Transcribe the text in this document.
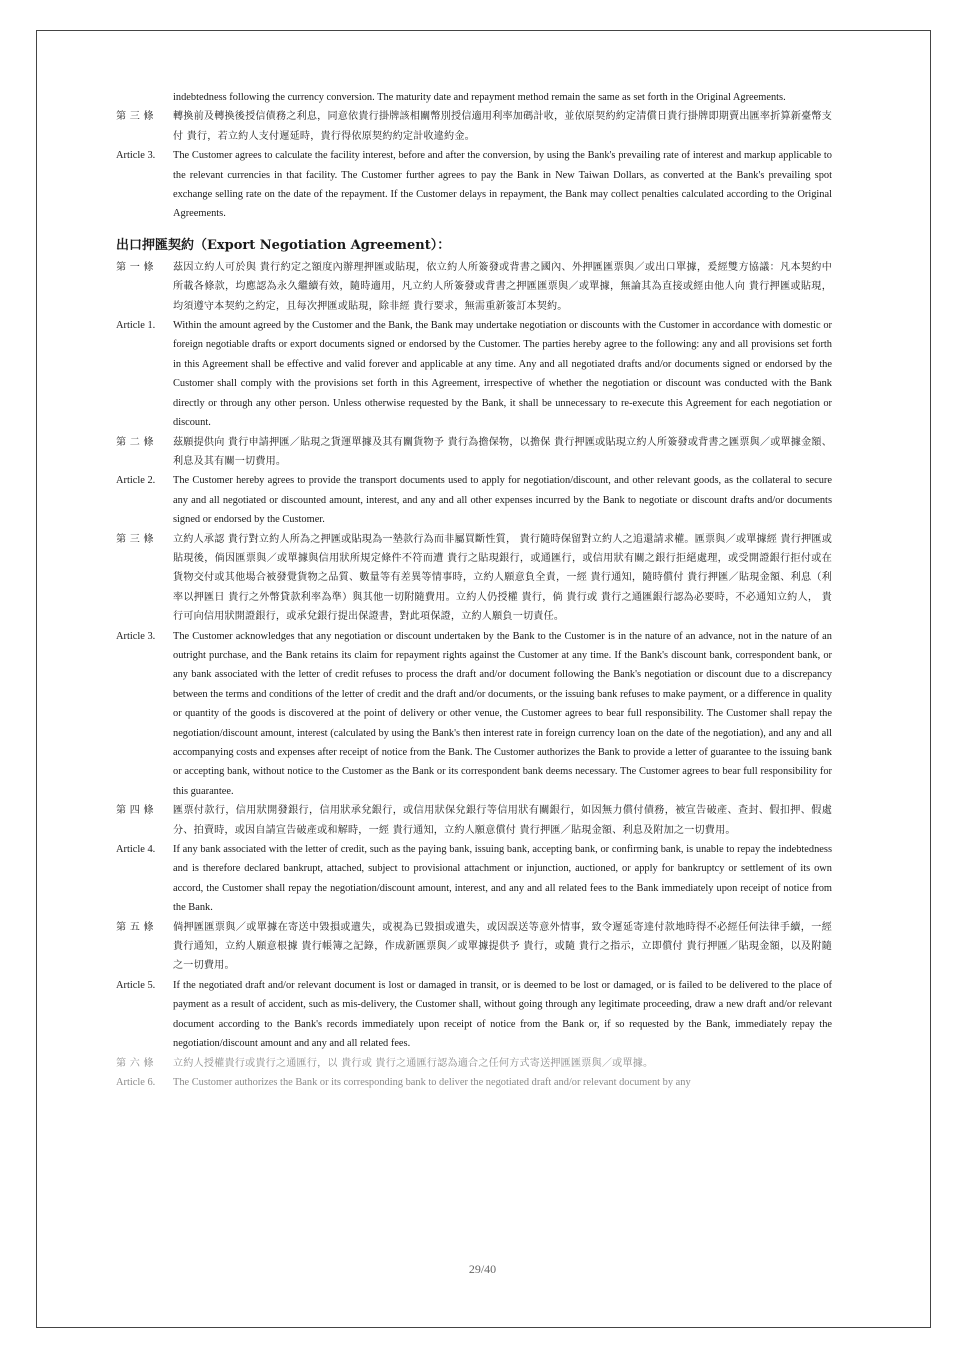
indebtedness following the currency conversion. The maturity date and repayment method remain the same as set forth in the Original Agreements.

第 三 條 轉換前及轉換後授信債務之利息，同意依貴行掛牌該相關幣別授信適用利率加碼計收，並依原契約約定清償日貴行掛牌即期賣出匯率折算新臺幣支付 貴行，若立約人支付遲延時，貴行得依原契約約定計收違約金。

Article 3. The Customer agrees to calculate the facility interest, before and after the conversion, by using the Bank's prevailing rate of interest and markup applicable to the relevant currencies in that facility. The Customer further agrees to pay the Bank in New Taiwan Dollars, as converted at the Bank's prevailing spot exchange selling rate on the date of the repayment. If the Customer delays in repayment, the Bank may collect penalties calculated according to the Original Agreements.

出口押匯契約（Export Negotiation Agreement）：

第 一 條 茲因立約人可於與 貴行約定之額度內辦理押匯或貼現，依立約人所簽發或背書之國內、外押匯匯票與／或出口單據，爰經雙方協議：凡本契約中所載各條款，均應認為永久繼續有效，隨時適用，凡立約人所簽發或背書之押匯匯票與／或單據，無論其為直接或經由他人向 貴行押匯或貼現，均須遵守本契約之約定，且每次押匯或貼現，除非經 貴行要求，無需重新簽訂本契約。

Article 1. Within the amount agreed by the Customer and the Bank, the Bank may undertake negotiation or discounts with the Customer in accordance with domestic or foreign negotiable drafts or export documents signed or endorsed by the Customer. The parties hereby agree to the following: any and all provisions set forth in this Agreement shall be effective and valid forever and applicable at any time. Any and all negotiated drafts and/or documents signed or endorsed by the Customer shall comply with the provisions set forth in this Agreement, irrespective of whether the negotiation or discount was conducted with the Bank directly or through any other person. Unless otherwise requested by the Bank, it shall be unnecessary to re-execute this Agreement for each negotiation or discount.

第 二 條 茲願提供向 貴行申請押匯／貼現之貨運單據及其有關貨物予 貴行為擔保物，以擔保 貴行押匯或貼現立約人所簽發或背書之匯票與／或單據金額、利息及其有關一切費用。

Article 2. The Customer hereby agrees to provide the transport documents used to apply for negotiation/discount, and other relevant goods, as the collateral to secure any and all negotiated or discounted amount, interest, and any and all other expenses incurred by the Bank to negotiate or discount drafts and/or documents signed or endorsed by the Customer.

第 三 條 立約人承認 貴行對立約人所為之押匯或貼現為一墊款行為而非屬買斷性質， 貴行隨時保留對立約人之追還請求權。匯票與／或單據經 貴行押匯或貼現後，倘因匯票與／或單據與信用狀所規定條件不符而遭 貴行之貼現銀行，或通匯行，或信用狀有關之銀行拒絕處理，或受開證銀行拒付或在貨物交付或其他場合被發覺貨物之品質、數量等有差異等情事時，立約人願意負全責，一經 貴行通知，隨時償付 貴行押匯／貼現金額、利息（利率以押匯日 貴行之外幣貸款利率為準）與其他一切附隨費用。立約人仍授權 貴行，倘 貴行或 貴行之通匯銀行認為必要時，不必通知立約人， 貴行可向信用狀開證銀行，或承兌銀行提出保證書，對此項保證，立約人願負一切責任。

Article 3. The Customer acknowledges that any negotiation or discount undertaken by the Bank to the Customer is in the nature of an advance, not in the nature of an outright purchase, and the Bank retains its claim for repayment rights against the Customer at any time. If the Bank's discount bank, correspondent bank, or any bank associated with the letter of credit refuses to process the draft and/or document following the Bank's negotiation or discount due to a discrepancy between the terms and conditions of the letter of credit and the draft and/or documents, or the issuing bank refuses to make payment, or a difference in quality or quantity of the goods is discovered at the point of delivery or other venue, the Customer agrees to bear full responsibility. The Customer shall repay the negotiation/discount amount, interest (calculated by using the Bank's then interest rate in foreign currency loan on the date of the negotiation), and any and all accompanying costs and expenses after receipt of notice from the Bank. The Customer authorizes the Bank to provide a letter of guarantee to the issuing bank or accepting bank, without notice to the Customer as the Bank or its correspondent bank deems necessary. The Customer agrees to bear full responsibility for this guarantee.

第 四 條 匯票付款行，信用狀開發銀行，信用狀承兌銀行，或信用狀保兌銀行等信用狀有關銀行，如因無力償付債務，被宣告破產、查封、假扣押、假處分、拍賣時，或因自請宣告破產或和解時，一經 貴行通知，立約人願意償付 貴行押匯／貼現金額、利息及附加之一切費用。

Article 4. If any bank associated with the letter of credit, such as the paying bank, issuing bank, accepting bank, or confirming bank, is unable to repay the indebtedness and is therefore declared bankrupt, attached, subject to provisional attachment or injunction, auctioned, or apply for bankruptcy or settlement of its own accord, the Customer shall repay the negotiation/discount amount, interest, and any and all related fees to the Bank immediately upon receipt of notice from the Bank.

第 五 條 倘押匯匯票與／或單據在寄送中毀損或遺失，或視為已毀損或遺失，或因誤送等意外情事，致令遲延寄達付款地時得不必經任何法律手續，一經 貴行通知，立約人願意根據 貴行帳簿之記錄，作成新匯票與／或單據提供予 貴行，或隨 貴行之指示，立即償付 貴行押匯／貼現金額，以及附隨之一切費用。

Article 5. If the negotiated draft and/or relevant document is lost or damaged in transit, or is deemed to be lost or damaged, or is failed to be delivered to the place of payment as a result of accident, such as mis-delivery, the Customer shall, without going through any legitimate proceeding, draw a new draft and/or relevant document according to the Bank's records immediately upon receipt of notice from the Bank or, if so requested by the Bank, immediately repay the negotiation/discount amount and any and all related fees.

第 六 條 立約人授權貴行或貴行之通匯行，以 貴行或 貴行之通匯行認為適合之任何方式寄送押匯匯票與／或單據。

Article 6. The Customer authorizes the Bank or its corresponding bank to deliver the negotiated draft and/or relevant document by any

29/40
